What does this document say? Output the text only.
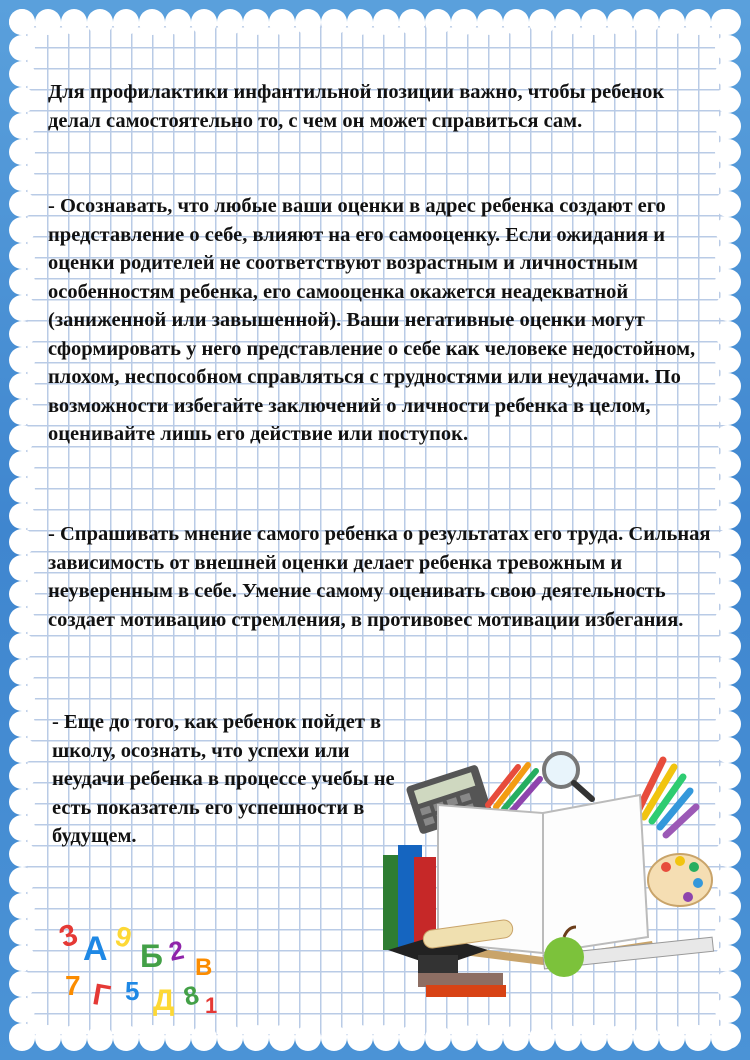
Для профилактики инфантильной позиции важно, чтобы ребенок делал самостоятельно то, с чем он может справиться сам.

- Осознавать, что любые ваши оценки в адрес ребенка создают его представление о себе, влияют на его самооценку. Если ожидания и оценки родителей не соответствуют возрастным и личностным особенностям ребенка, его самооценка окажется неадекватной (заниженной или завышенной). Ваши негативные оценки могут сформировать у него представление о себе как человеке недостойном, плохом, неспособном справляться с трудностями или неудачами. По возможности избегайте заключений о личности ребенка в целом, оценивайте лишь его действие или поступок.

- Спрашивать мнение самого ребенка о результатах его труда. Сильная зависимость от внешней оценки делает ребенка тревожным и неуверенным в себе. Умение самому оценивать свою деятельность создает мотивацию стремления, в противовес мотивации избегания.

- Еще до того, как ребенок пойдет в школу, осознать, что успехи или неудачи ребенка в процессе учебы не есть показатель его успешности в будущем.

3 A 9
Б 2
В
7 Г 5 Д 8 1
